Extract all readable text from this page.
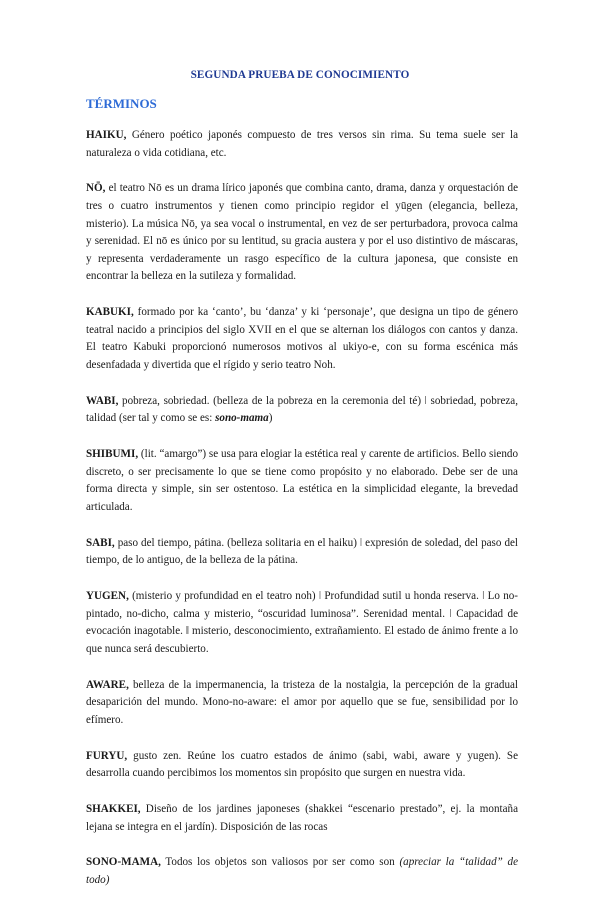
SEGUNDA PRUEBA DE CONOCIMIENTO
TÉRMINOS

HAIKU, Género poético japonés compuesto de tres versos sin rima. Su tema suele ser la naturaleza o vida cotidiana, etc.

NŌ, el teatro Nō es un drama lírico japonés que combina canto, drama, danza y orquestación de tres o cuatro instrumentos y tienen como principio regidor el yūgen (elegancia, belleza, misterio). La música Nō, ya sea vocal o instrumental, en vez de ser perturbadora, provoca calma y serenidad. El nō es único por su lentitud, su gracia austera y por el uso distintivo de máscaras, y representa verdaderamente un rasgo específico de la cultura japonesa, que consiste en encontrar la belleza en la sutileza y formalidad.

KABUKI, formado por ka ‘canto’, bu ‘danza’ y ki ‘personaje’, que designa un tipo de género teatral nacido a principios del siglo XVII en el que se alternan los diálogos con cantos y danza. El teatro Kabuki proporcionó numerosos motivos al ukiyo-e, con su forma escénica más desenfadada y divertida que el rígido y serio teatro Noh.

WABI, pobreza, sobriedad. (belleza de la pobreza en la ceremonia del té) ǀ sobriedad, pobreza, talidad (ser tal y como se es: sono-mama)

SHIBUMI, (lit. “amargo”) se usa para elogiar la estética real y carente de artificios. Bello siendo discreto, o ser precisamente lo que se tiene como propósito y no elaborado. Debe ser de una forma directa y simple, sin ser ostentoso. La estética en la simplicidad elegante, la brevedad articulada.

SABI, paso del tiempo, pátina. (belleza solitaria en el haiku) ǀ expresión de soledad, del paso del tiempo, de lo antiguo, de la belleza de la pátina.

YUGEN, (misterio y profundidad en el teatro noh) ǀ Profundidad sutil u honda reserva. ǀ Lo no-pintado, no-dicho, calma y misterio, “oscuridad luminosa”. Serenidad mental. ǀ Capacidad de evocación inagotable. ǁ misterio, desconocimiento, extrañamiento. El estado de ánimo frente a lo que nunca será descubierto.

AWARE, belleza de la impermanencia, la tristeza de la nostalgia, la percepción de la gradual desaparición del mundo. Mono-no-aware: el amor por aquello que se fue, sensibilidad por lo efímero.

FURYU, gusto zen. Reúne los cuatro estados de ánimo (sabi, wabi, aware y yugen). Se desarrolla cuando percibimos los momentos sin propósito que surgen en nuestra vida.

SHAKKEI, Diseño de los jardines japoneses (shakkei “escenario prestado”, ej. la montaña lejana se integra en el jardín). Disposición de las rocas

SONO-MAMA, Todos los objetos son valiosos por ser como son (apreciar la “talidad” de todo)
